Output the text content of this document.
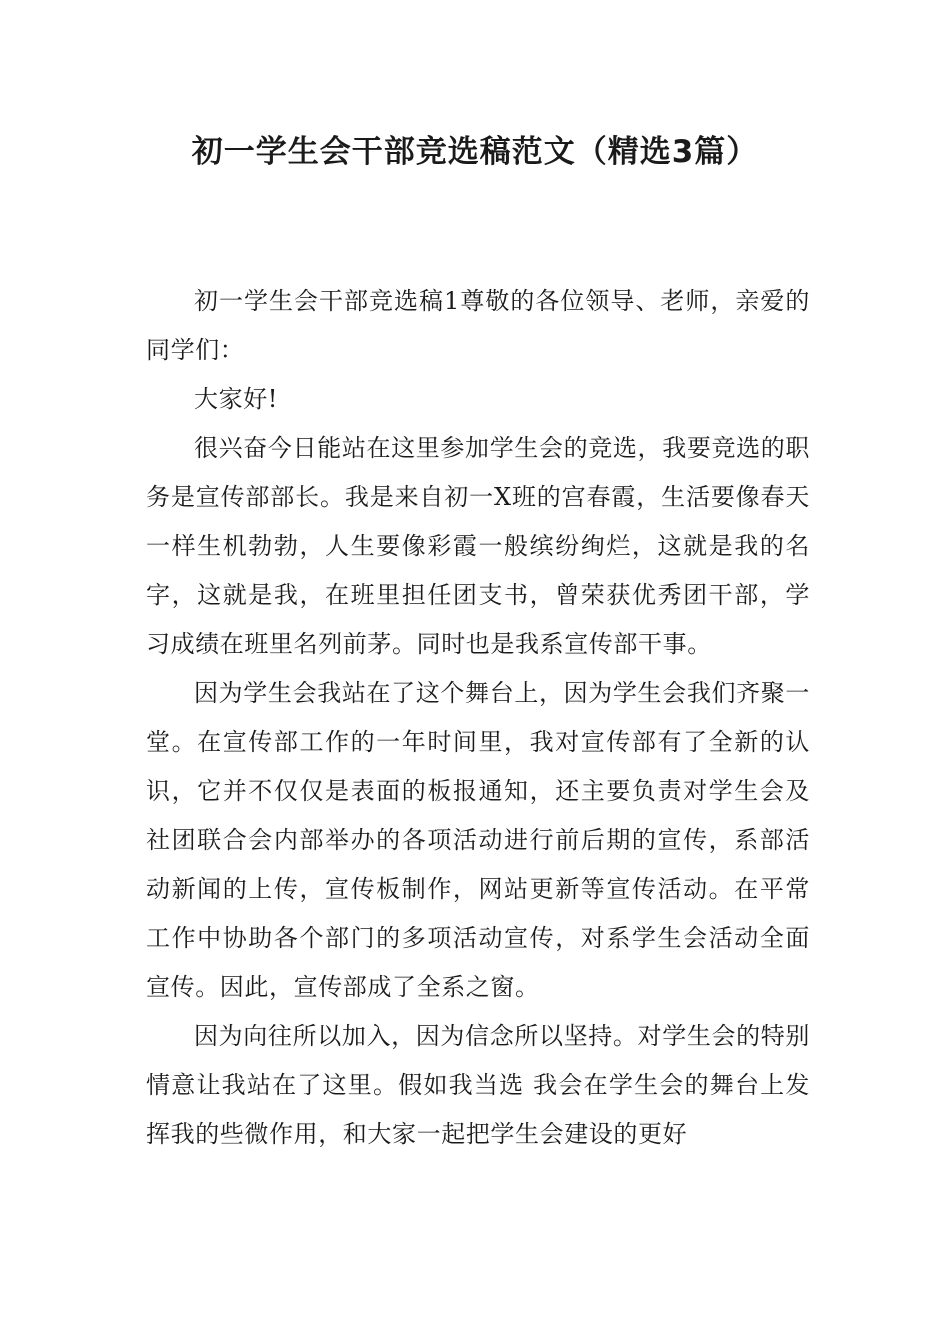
初一学生会干部竞选稿范文（精选3篇）

初一学生会干部竞选稿1尊敬的各位领导、老师，亲爱的同学们：

大家好!

很兴奋今日能站在这里参加学生会的竞选，我要竞选的职务是宣传部部长。我是来自初一X班的宫春霞，生活要像春天一样生机勃勃，人生要像彩霞一般缤纷绚烂，这就是我的名字，这就是我，在班里担任团支书，曾荣获优秀团干部，学习成绩在班里名列前茅。同时也是我系宣传部干事。

因为学生会我站在了这个舞台上，因为学生会我们齐聚一堂。在宣传部工作的一年时间里，我对宣传部有了全新的认识，它并不仅仅是表面的板报通知，还主要负责对学生会及社团联合会内部举办的各项活动进行前后期的宣传，系部活动新闻的上传，宣传板制作，网站更新等宣传活动。在平常工作中协助各个部门的多项活动宣传，对系学生会活动全面宣传。因此，宣传部成了全系之窗。

因为向往所以加入，因为信念所以坚持。对学生会的特别情意让我站在了这里。假如我当选 我会在学生会的舞台上发挥我的些微作用，和大家一起把学生会建设的更好
